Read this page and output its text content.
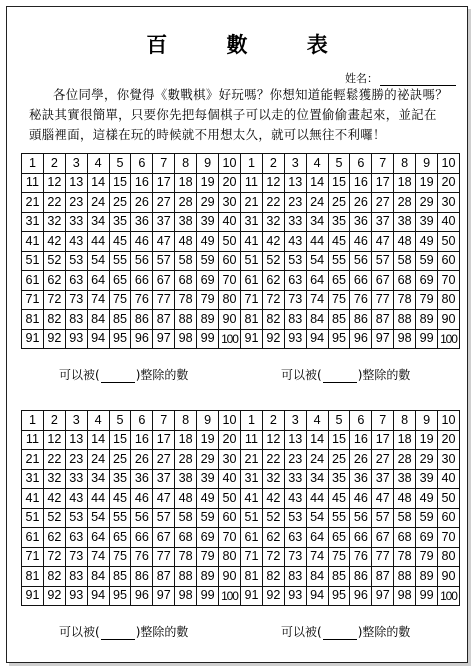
百 數 表
姓名：

各位同學，你覺得《數戰棋》好玩嗎？你想知道能輕鬆獲勝的祕訣嗎？秘訣其實很簡單，只要你先把每個棋子可以走的位置偷偷畫起來，並記在頭腦裡面，這樣在玩的時候就不用想太久，就可以無往不利囉！

1	2	3	4	5	6	7	8	9	10
11	12	13	14	15	16	17	18	19	20
21	22	23	24	25	26	27	28	29	30
31	32	33	34	35	36	37	38	39	40
41	42	43	44	45	46	47	48	49	50
51	52	53	54	55	56	57	58	59	60
61	62	63	64	65	66	67	68	69	70
71	72	73	74	75	76	77	78	79	80
81	82	83	84	85	86	87	88	89	90
91	92	93	94	95	96	97	98	99	100
可以被(	)整除的數
1	2	3	4	5	6	7	8	9	10
11	12	13	14	15	16	17	18	19	20
21	22	23	24	25	26	27	28	29	30
31	32	33	34	35	36	37	38	39	40
41	42	43	44	45	46	47	48	49	50
51	52	53	54	55	56	57	58	59	60
61	62	63	64	65	66	67	68	69	70
71	72	73	74	75	76	77	78	79	80
81	82	83	84	85	86	87	88	89	90
91	92	93	94	95	96	97	98	99	100
可以被(	)整除的數
1	2	3	4	5	6	7	8	9	10
11	12	13	14	15	16	17	18	19	20
21	22	23	24	25	26	27	28	29	30
31	32	33	34	35	36	37	38	39	40
41	42	43	44	45	46	47	48	49	50
51	52	53	54	55	56	57	58	59	60
61	62	63	64	65	66	67	68	69	70
71	72	73	74	75	76	77	78	79	80
81	82	83	84	85	86	87	88	89	90
91	92	93	94	95	96	97	98	99	100
可以被(	)整除的數
1	2	3	4	5	6	7	8	9	10
11	12	13	14	15	16	17	18	19	20
21	22	23	24	25	26	27	28	29	30
31	32	33	34	35	36	37	38	39	40
41	42	43	44	45	46	47	48	49	50
51	52	53	54	55	56	57	58	59	60
61	62	63	64	65	66	67	68	69	70
71	72	73	74	75	76	77	78	79	80
81	82	83	84	85	86	87	88	89	90
91	92	93	94	95	96	97	98	99	100
可以被(	)整除的數
